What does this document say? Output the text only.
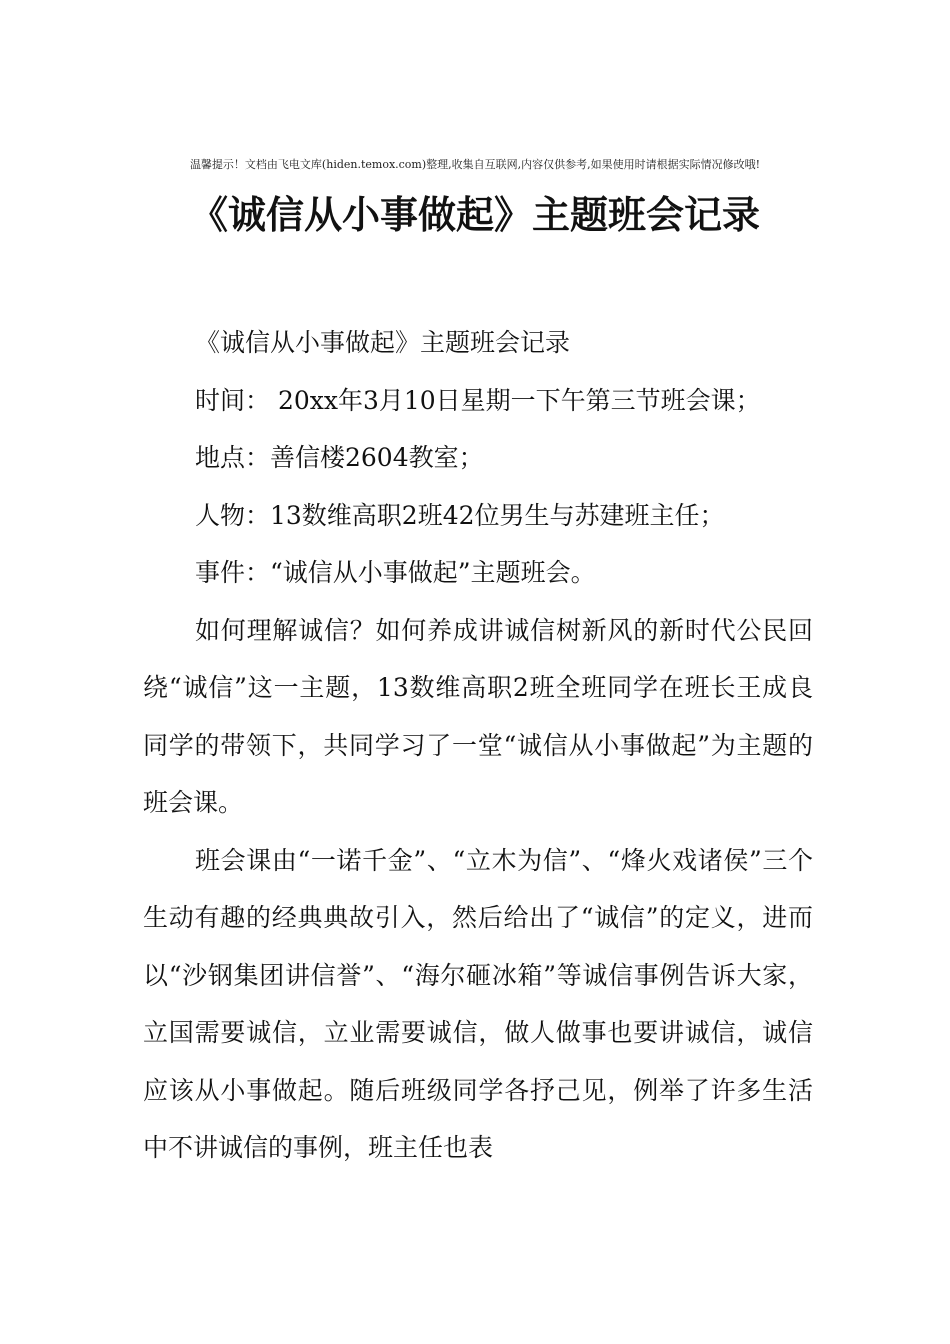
温馨提示！文档由飞电文库(hiden.temox.com)整理,收集自互联网,内容仅供参考,如果使用时请根据实际情况修改哦!
《诚信从小事做起》主题班会记录

《诚信从小事做起》主题班会记录

时间： 20xx年3月10日星期一下午第三节班会课；

地点：善信楼2604教室；

人物：13数维高职2班42位男生与苏建班主任；

事件：“诚信从小事做起”主题班会。

如何理解诚信？如何养成讲诚信树新风的新时代公民回绕“诚信”这一主题，13数维高职2班全班同学在班长王成良同学的带领下，共同学习了一堂“诚信从小事做起”为主题的班会课。

班会课由“一诺千金”、“立木为信”、“烽火戏诸侯”三个生动有趣的经典典故引入，然后给出了“诚信”的定义，进而以“沙钢集团讲信誉”、“海尔砸冰箱”等诚信事例告诉大家，立国需要诚信，立业需要诚信，做人做事也要讲诚信，诚信应该从小事做起。随后班级同学各抒己见，例举了许多生活中不讲诚信的事例，班主任也表
